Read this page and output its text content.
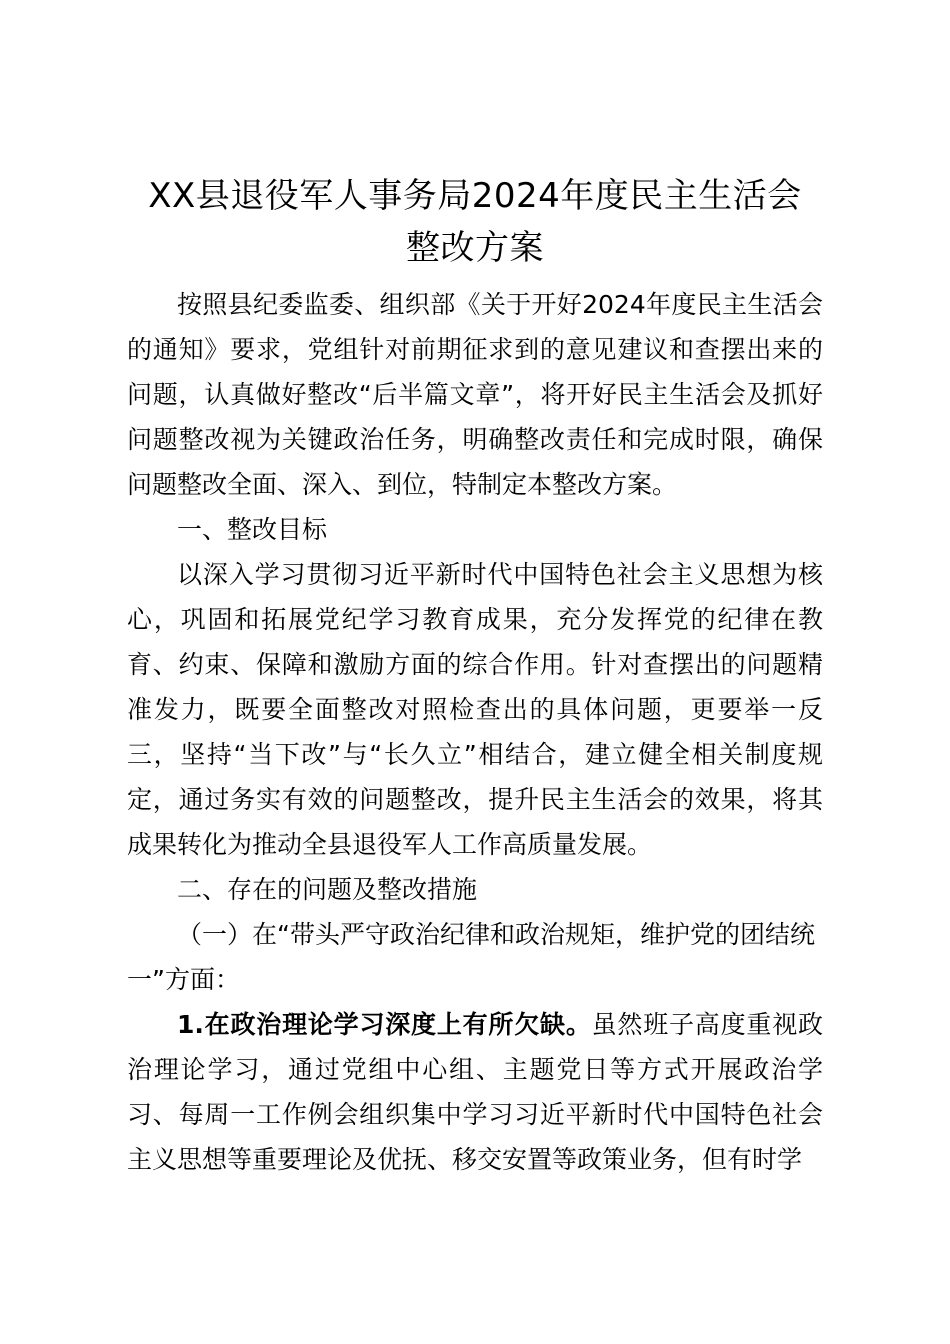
XX县退役军人事务局2024年度民主生活会
整改方案

按照县纪委监委、组织部《关于开好2024年度民主生活会的通知》要求，党组针对前期征求到的意见建议和查摆出来的问题，认真做好整改“后半篇文章”，将开好民主生活会及抓好问题整改视为关键政治任务，明确整改责任和完成时限，确保问题整改全面、深入、到位，特制定本整改方案。

一、整改目标

以深入学习贯彻习近平新时代中国特色社会主义思想为核心，巩固和拓展党纪学习教育成果，充分发挥党的纪律在教育、约束、保障和激励方面的综合作用。针对查摆出的问题精准发力，既要全面整改对照检查出的具体问题，更要举一反三，坚持“当下改”与“长久立”相结合，建立健全相关制度规定，通过务实有效的问题整改，提升民主生活会的效果，将其成果转化为推动全县退役军人工作高质量发展。

二、存在的问题及整改措施

（一）在“带头严守政治纪律和政治规矩，维护党的团结统一”方面：

1.在政治理论学习深度上有所欠缺。虽然班子高度重视政治理论学习，通过党组中心组、主题党日等方式开展政治学习、每周一工作例会组织集中学习习近平新时代中国特色社会主义思想等重要理论及优抚、移交安置等政策业务，但有时学
